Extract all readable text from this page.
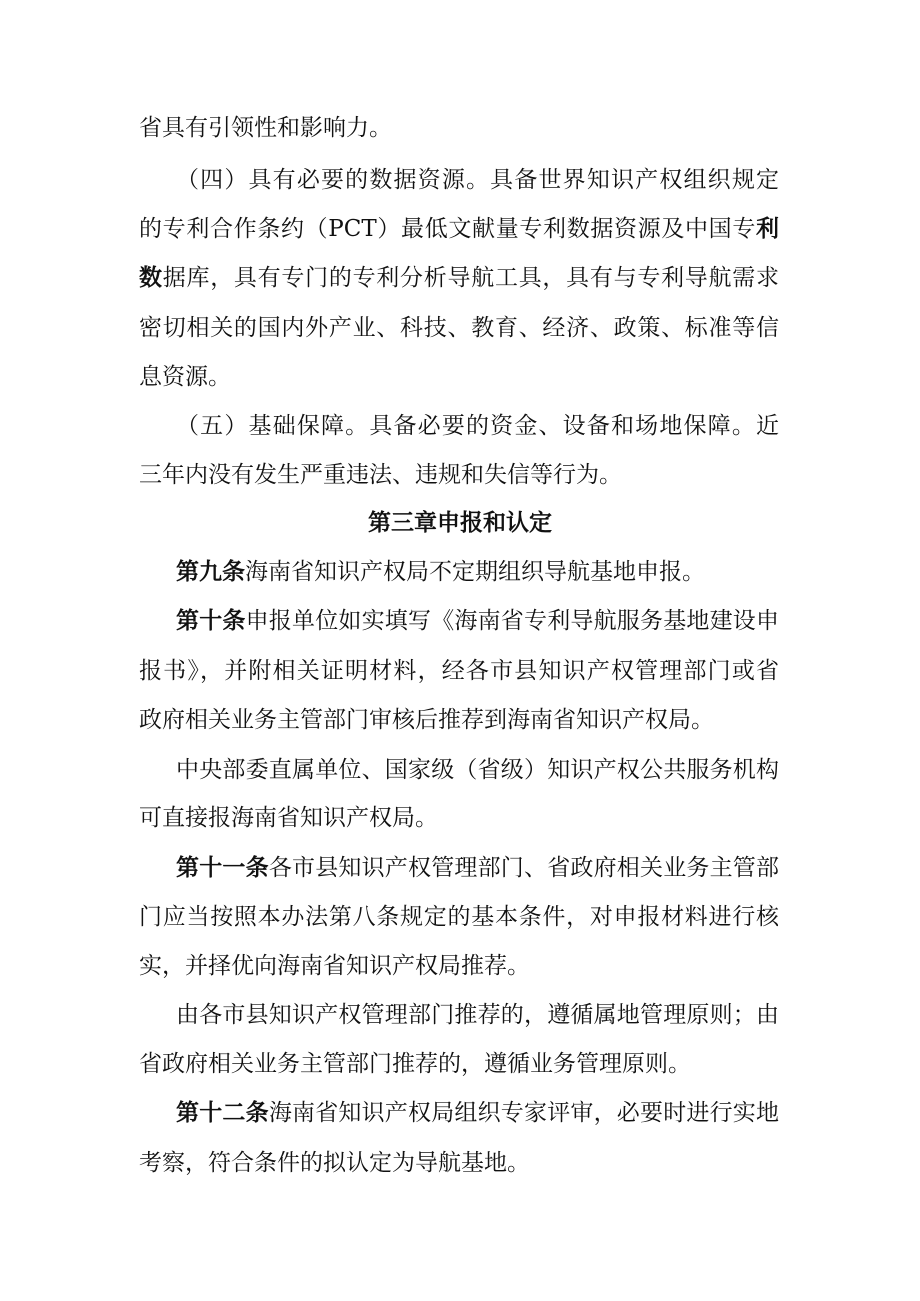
省具有引领性和影响力。
（四）具有必要的数据资源。具备世界知识产权组织规定
的专利合作条约（PCT）最低文献量专利数据资源及中国专利
数据库，具有专门的专利分析导航工具，具有与专利导航需求
密切相关的国内外产业、科技、教育、经济、政策、标准等信
息资源。
（五）基础保障。具备必要的资金、设备和场地保障。近
三年内没有发生严重违法、违规和失信等行为。
第三章申报和认定
第九条海南省知识产权局不定期组织导航基地申报。
第十条申报单位如实填写《海南省专利导航服务基地建设申
报书》，并附相关证明材料，经各市县知识产权管理部门或省
政府相关业务主管部门审核后推荐到海南省知识产权局。
中央部委直属单位、国家级（省级）知识产权公共服务机构
可直接报海南省知识产权局。
第十一条各市县知识产权管理部门、省政府相关业务主管部
门应当按照本办法第八条规定的基本条件，对申报材料进行核
实，并择优向海南省知识产权局推荐。
由各市县知识产权管理部门推荐的，遵循属地管理原则；由
省政府相关业务主管部门推荐的，遵循业务管理原则。
第十二条海南省知识产权局组织专家评审，必要时进行实地
考察，符合条件的拟认定为导航基地。
